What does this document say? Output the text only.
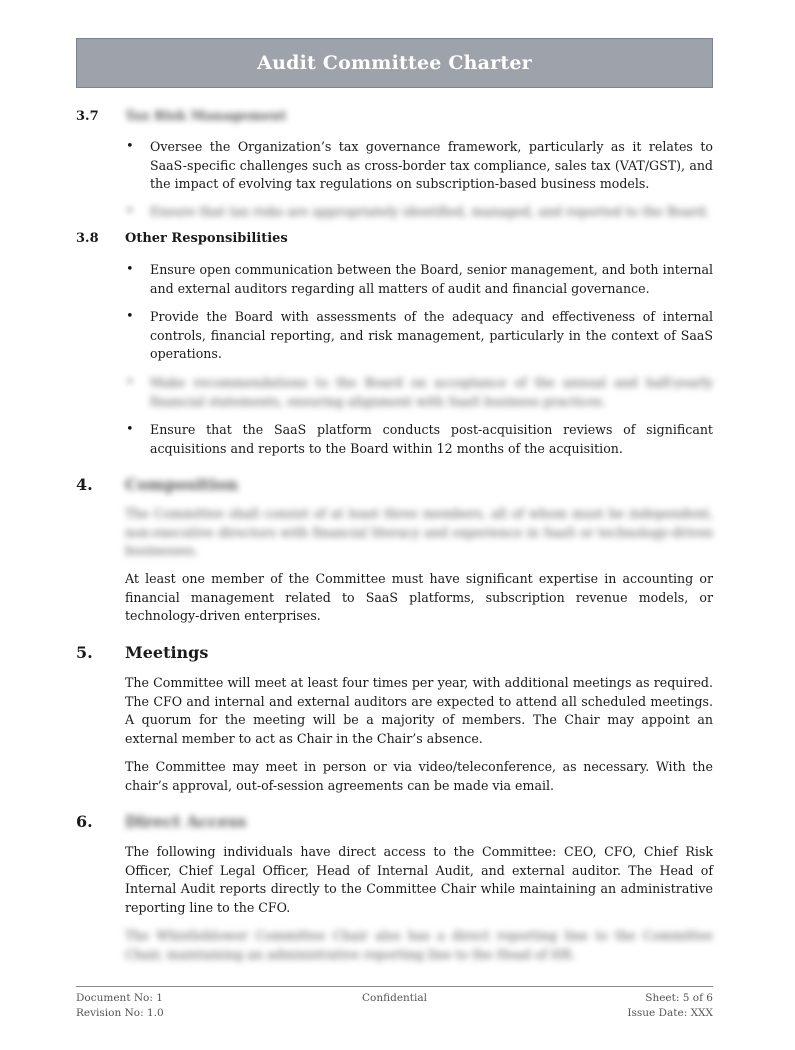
Audit Committee Charter
3.7 Tax Risk Management
• Oversee the Organization’s tax governance framework, particularly as it relates to SaaS-specific challenges such as cross-border tax compliance, sales tax (VAT/GST), and the impact of evolving tax regulations on subscription-based business models.
• Ensure that tax risks are appropriately identified, managed, and reported to the Board.
3.8 Other Responsibilities
• Ensure open communication between the Board, senior management, and both internal and external auditors regarding all matters of audit and financial governance.
• Provide the Board with assessments of the adequacy and effectiveness of internal controls, financial reporting, and risk management, particularly in the context of SaaS operations.
• Make recommendations to the Board on acceptance of the annual and half-yearly financial statements, ensuring alignment with SaaS business practices.
• Ensure that the SaaS platform conducts post-acquisition reviews of significant acquisitions and reports to the Board within 12 months of the acquisition.
4. Composition
The Committee shall consist of at least three members, all of whom must be independent, non-executive directors with financial literacy and experience in SaaS or technology-driven businesses.
At least one member of the Committee must have significant expertise in accounting or financial management related to SaaS platforms, subscription revenue models, or technology-driven enterprises.
5. Meetings
The Committee will meet at least four times per year, with additional meetings as required. The CFO and internal and external auditors are expected to attend all scheduled meetings. A quorum for the meeting will be a majority of members. The Chair may appoint an external member to act as Chair in the Chair’s absence.
The Committee may meet in person or via video/teleconference, as necessary. With the chair’s approval, out-of-session agreements can be made via email.
6. Direct Access
The following individuals have direct access to the Committee: CEO, CFO, Chief Risk Officer, Chief Legal Officer, Head of Internal Audit, and external auditor. The Head of Internal Audit reports directly to the Committee Chair while maintaining an administrative reporting line to the CFO.
The Whistleblower Committee Chair also has a direct reporting line to the Committee Chair, maintaining an administrative reporting line to the Head of HR.
Document No: 1	Confidential	Sheet: 5 of 6
Revision No: 1.0	Issue Date: XXX
